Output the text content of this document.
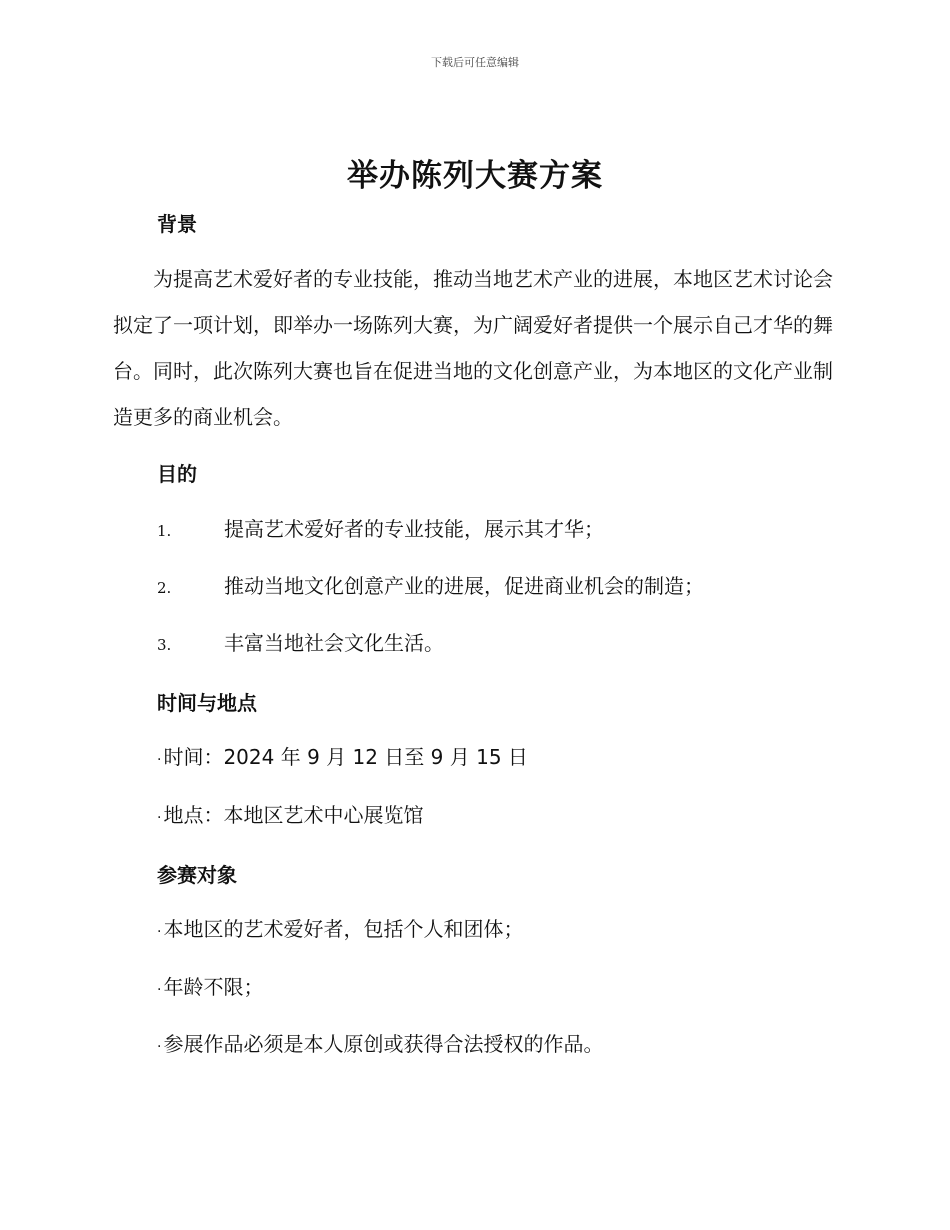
下载后可任意编辑
举办陈列大赛方案
背景

为提高艺术爱好者的专业技能，推动当地艺术产业的进展，本地区艺术讨论会拟定了一项计划，即举办一场陈列大赛，为广阔爱好者提供一个展示自己才华的舞台。同时，此次陈列大赛也旨在促进当地的文化创意产业，为本地区的文化产业制造更多的商业机会。

目的
1.	提高艺术爱好者的专业技能，展示其才华；
2.	推动当地文化创意产业的进展，促进商业机会的制造；
3.	丰富当地社会文化生活。
时间与地点
· 时间：2024 年 9 月 12 日至 9 月 15 日
· 地点：本地区艺术中心展览馆
参赛对象
· 本地区的艺术爱好者，包括个人和团体；
· 年龄不限；
· 参展作品必须是本人原创或获得合法授权的作品。
